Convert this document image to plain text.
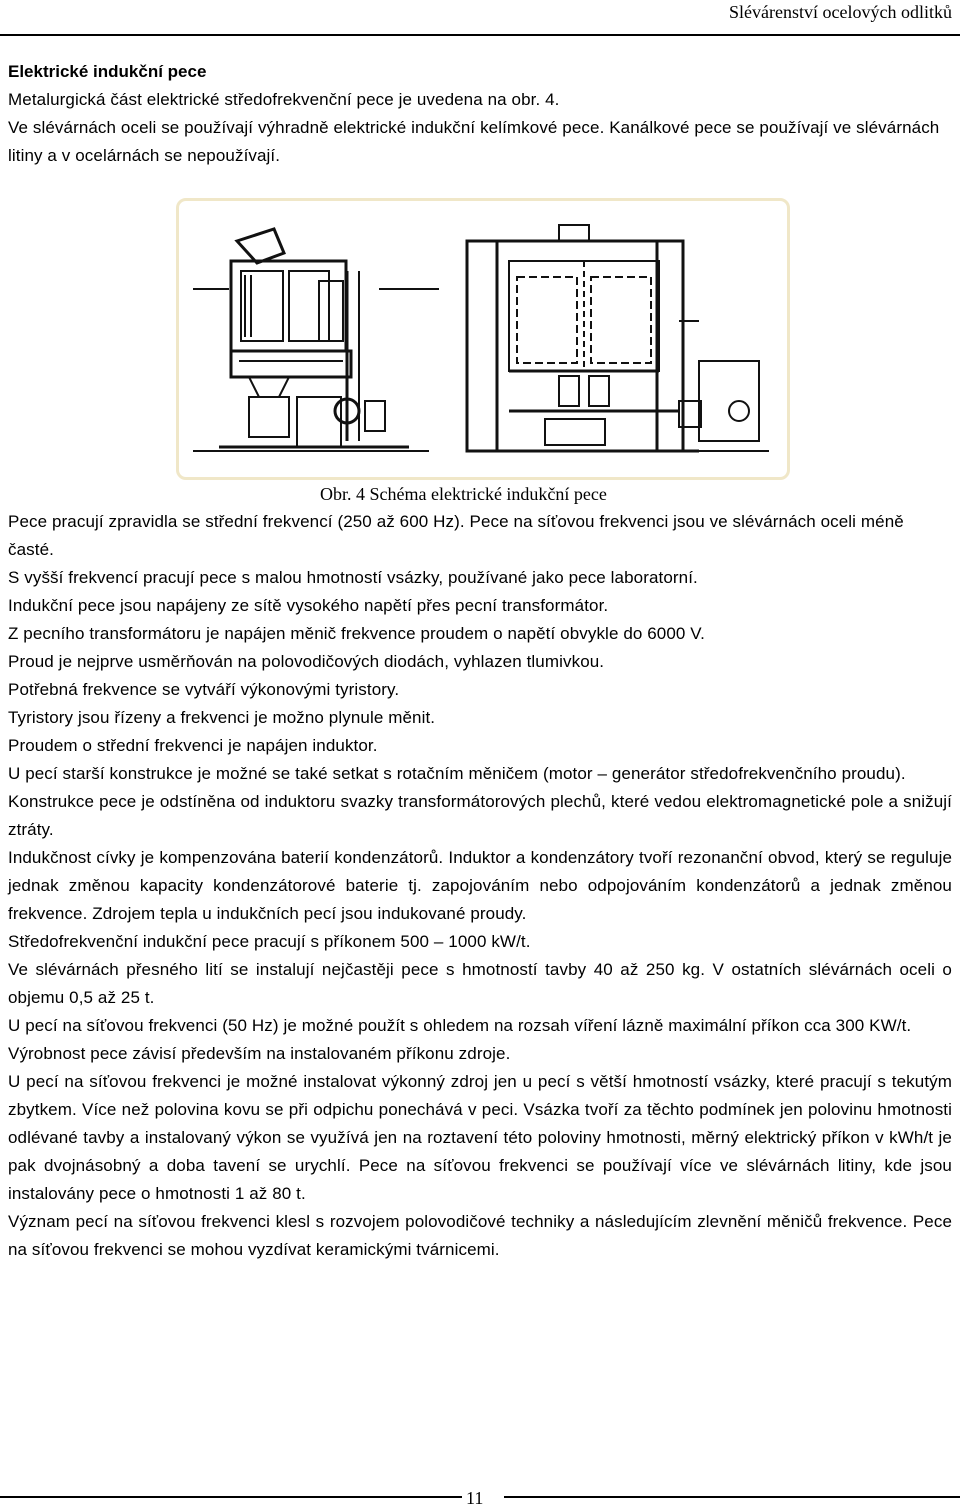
Slévárenství ocelových odlitků

Elektrické indukční pece

Metalurgická část elektrické středofrekvenční pece je uvedena na obr. 4.

Ve slévárnách oceli se používají výhradně elektrické indukční kelímkové pece. Kanálkové pece se používají ve slévárnách litiny a v ocelárnách se nepoužívají.

Obr. 4 Schéma elektrické indukční pece

Pece pracují zpravidla se střední frekvencí (250 až 600 Hz). Pece na síťovou frekvenci jsou ve slévárnách oceli méně časté.

S vyšší frekvencí pracují pece s malou hmotností vsázky, používané jako pece laboratorní.

Indukční pece jsou napájeny ze sítě vysokého napětí přes pecní transformátor.

Z pecního transformátoru je napájen měnič frekvence proudem o napětí obvykle do 6000 V.

Proud je nejprve usměrňován na polovodičových diodách, vyhlazen tlumivkou.

Potřebná frekvence se vytváří výkonovými tyristory.

Tyristory jsou řízeny a frekvenci je možno plynule měnit.

Proudem o střední frekvenci je napájen induktor.

U pecí starší konstrukce je možné se také setkat s rotačním měničem (motor – generátor středofrekvenčního proudu).

Konstrukce pece je odstíněna od induktoru svazky transformátorových plechů, které vedou elektromagnetické pole a snižují ztráty.

Indukčnost cívky je kompenzována baterií kondenzátorů. Induktor a kondenzátory tvoří rezonanční obvod, který se reguluje jednak změnou kapacity kondenzátorové baterie tj. zapojováním nebo odpojováním kondenzátorů a jednak změnou frekvence. Zdrojem tepla u indukčních pecí jsou indukované proudy.

Středofrekvenční indukční pece pracují s příkonem 500 – 1000 kW/t.

Ve slévárnách přesného lití se instalují nejčastěji pece s hmotností tavby 40 až 250 kg. V ostatních slévárnách oceli o objemu 0,5 až 25 t.

U pecí na síťovou frekvenci (50 Hz) je možné použít s ohledem na rozsah víření lázně maximální příkon cca 300 KW/t.

Výrobnost pece závisí především na instalovaném příkonu zdroje.

U pecí na síťovou frekvenci je možné instalovat výkonný zdroj jen u pecí s větší hmotností vsázky, které pracují s tekutým zbytkem. Více než polovina kovu se při odpichu ponechává v peci. Vsázka tvoří za těchto podmínek jen polovinu hmotnosti odlévané tavby a instalovaný výkon se využívá jen na roztavení této poloviny hmotnosti, měrný elektrický příkon v kWh/t je pak dvojnásobný a doba tavení se urychlí. Pece na síťovou frekvenci se používají více ve slévárnách litiny, kde jsou instalovány pece o hmotnosti 1 až 80 t.

Význam pecí na síťovou frekvenci klesl s rozvojem polovodičové techniky a následujícím zlevnění měničů frekvence. Pece na síťovou frekvenci se mohou vyzdívat keramickými tvárnicemi.

11
